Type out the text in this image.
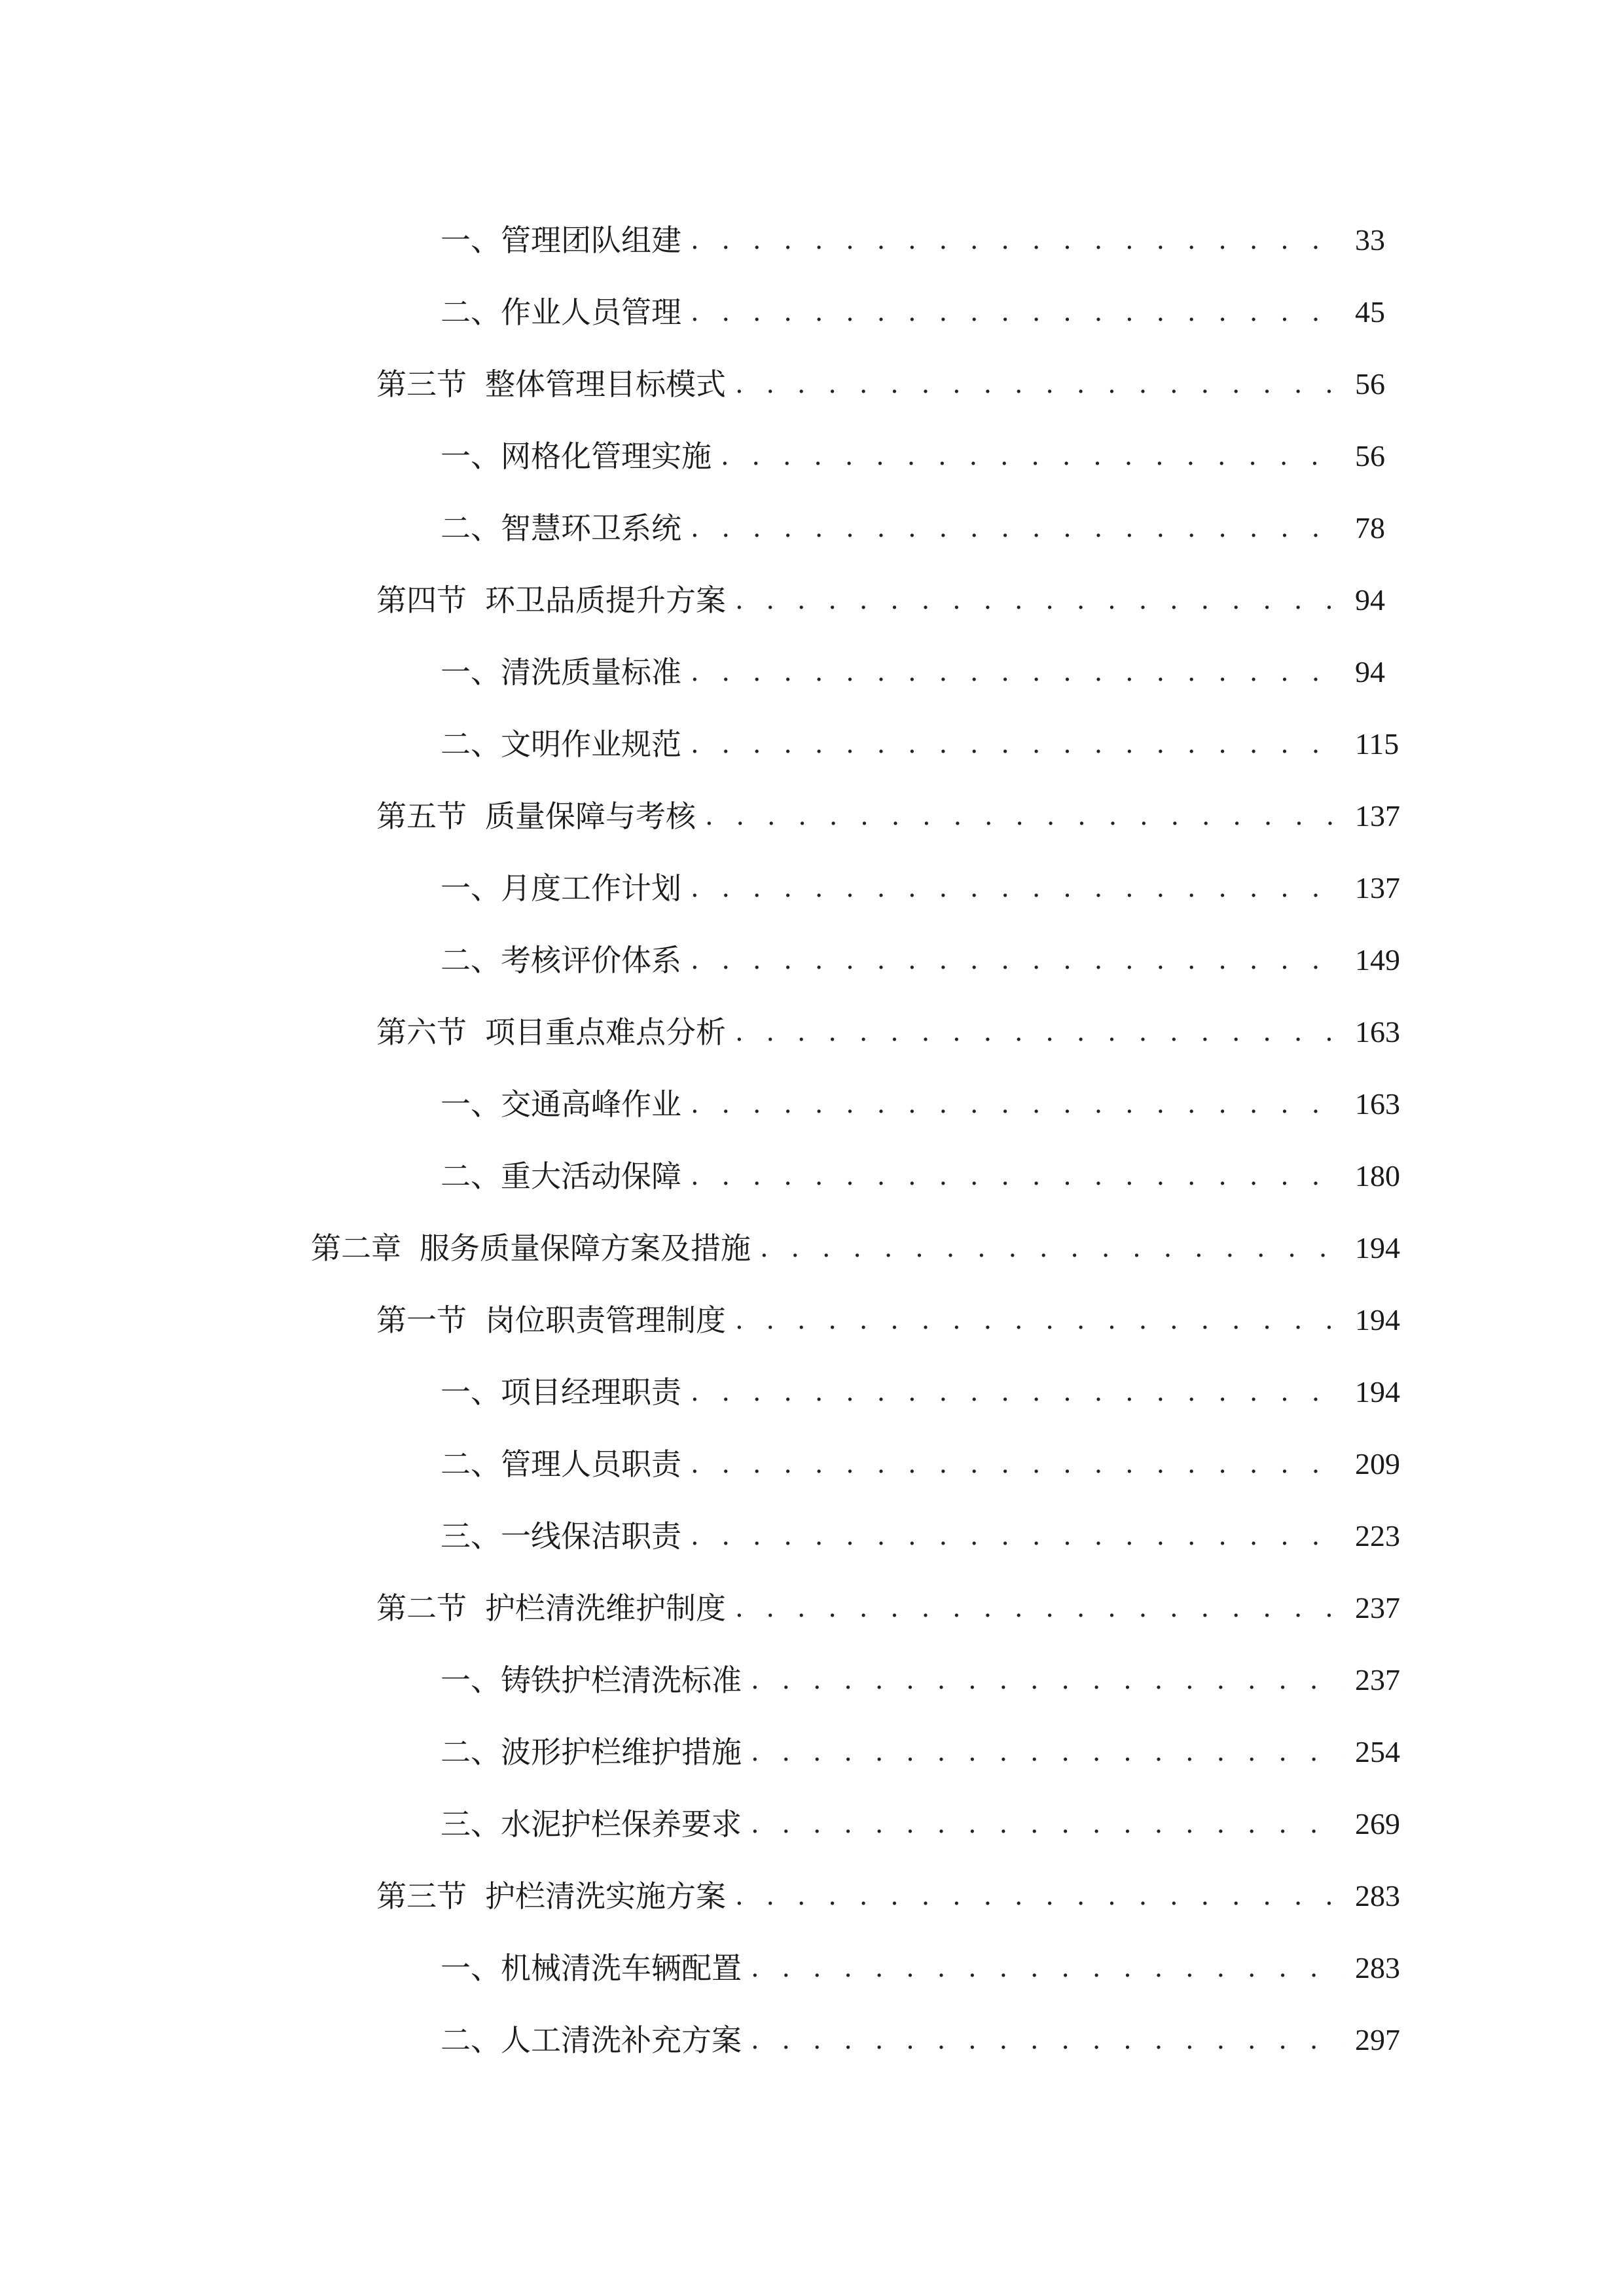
一、 管理团队组建 . . .	33
二、 作业人员管理 . . .	45
第三节 整体管理目标模式 . . .	56
一、 网格化管理实施 . . .	56
二、 智慧环卫系统 . . .	78
第四节 环卫品质提升方案 . . .	94
一、 清洗质量标准 . . .	94
二、 文明作业规范 . . .	115
第五节 质量保障与考核 . . .	137
一、 月度工作计划 . . .	137
二、 考核评价体系 . . .	149
第六节 项目重点难点分析 . . .	163
一、 交通高峰作业 . . .	163
二、 重大活动保障 . . .	180
第二章 服务质量保障方案及措施 . . .	194
第一节 岗位职责管理制度 . . .	194
一、 项目经理职责 . . .	194
二、 管理人员职责 . . .	209
三、 一线保洁职责 . . .	223
第二节 护栏清洗维护制度 . . .	237
一、 铸铁护栏清洗标准 . . .	237
二、 波形护栏维护措施 . . .	254
三、 水泥护栏保养要求 . . .	269
第三节 护栏清洗实施方案 . . .	283
一、 机械清洗车辆配置 . . .	283
二、 人工清洗补充方案 . . .	297
